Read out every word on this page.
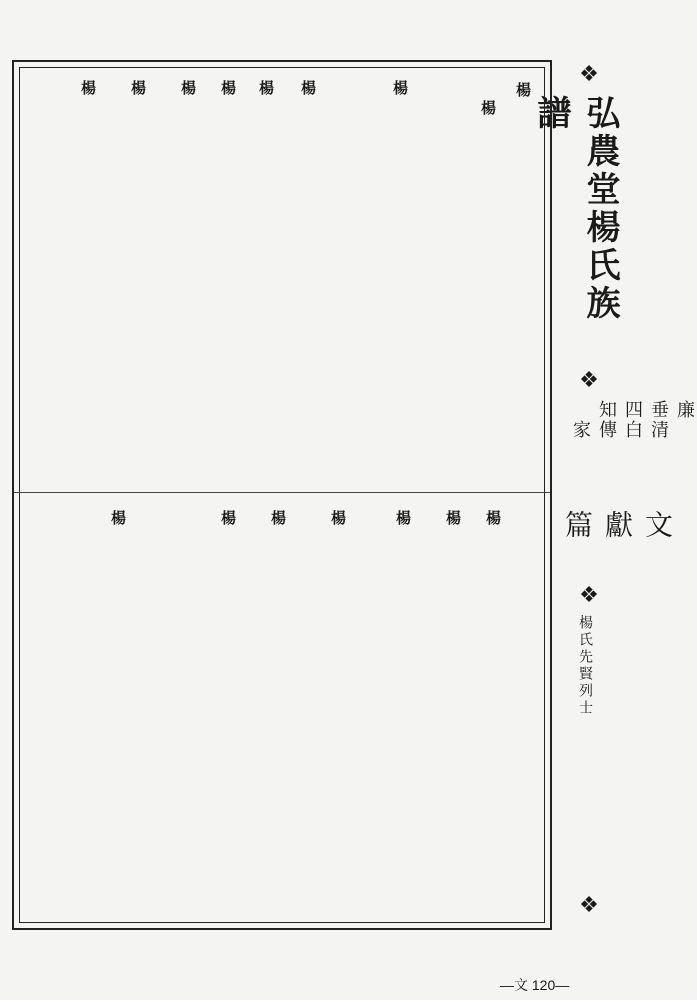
❖
❖
❖
❖
弘農堂楊氏族譜
廉垂四知
清白傳家
文獻篇
楊氏先賢列士
楊
楊
楊
楊
楊
楊
楊
楊
楊
楊
楊
楊
楊
楊
楊
楊
—文 120—
